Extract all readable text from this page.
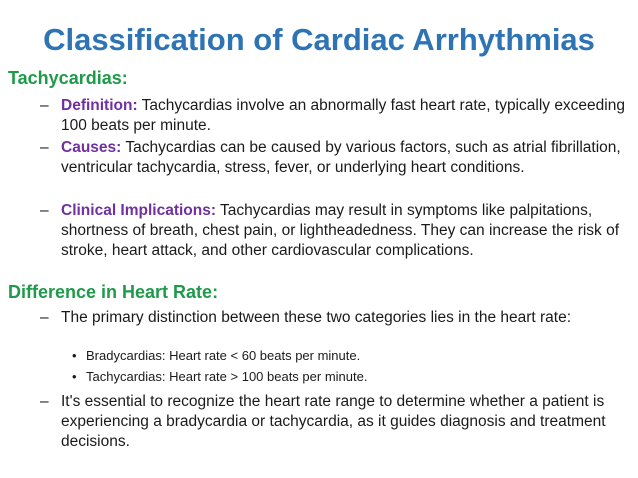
Classification of Cardiac Arrhythmias
Tachycardias:

– Definition: Tachycardias involve an abnormally fast heart rate, typically exceeding 100 beats per minute.

– Causes: Tachycardias can be caused by various factors, such as atrial fibrillation, ventricular tachycardia, stress, fever, or underlying heart conditions.

– Clinical Implications: Tachycardias may result in symptoms like palpitations, shortness of breath, chest pain, or lightheadedness. They can increase the risk of stroke, heart attack, and other cardiovascular complications.

Difference in Heart Rate:

– The primary distinction between these two categories lies in the heart rate:

• Bradycardias: Heart rate < 60 beats per minute.

• Tachycardias: Heart rate > 100 beats per minute.

– It's essential to recognize the heart rate range to determine whether a patient is experiencing a bradycardia or tachycardia, as it guides diagnosis and treatment decisions.
